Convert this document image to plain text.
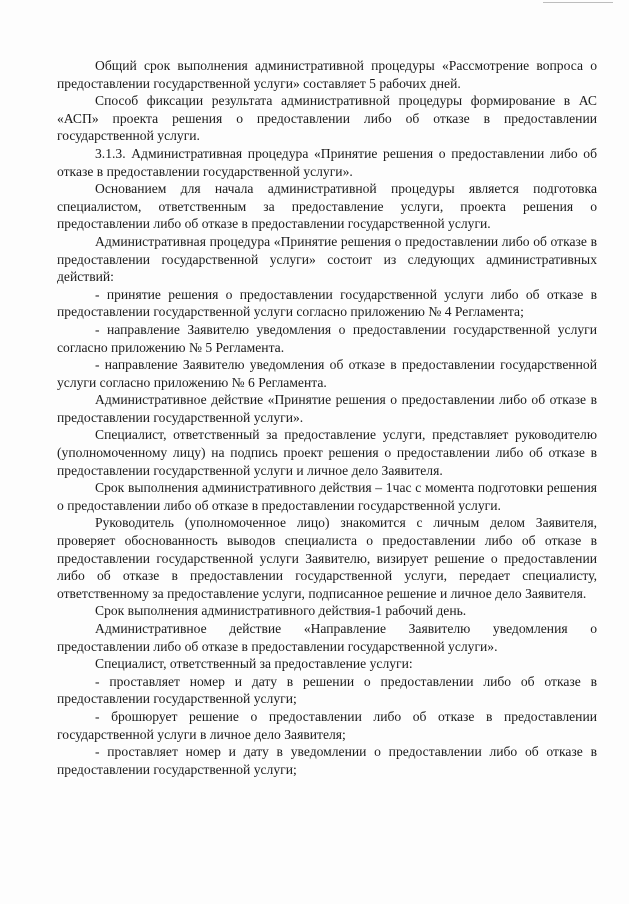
Общий срок выполнения административной процедуры «Рассмотрение вопроса о предоставлении государственной услуги» составляет 5 рабочих дней.

Способ фиксации результата административной процедуры формирование в АС «АСП» проекта решения о предоставлении либо об отказе в предоставлении государственной услуги.

3.1.3. Административная процедура «Принятие решения о предоставлении либо об отказе в предоставлении государственной услуги».

Основанием для начала административной процедуры является подготовка специалистом, ответственным за предоставление услуги, проекта решения о предоставлении либо об отказе в предоставлении государственной услуги.

Административная процедура «Принятие решения о предоставлении либо об отказе в предоставлении государственной услуги» состоит из следующих административных действий:

- принятие решения о предоставлении государственной услуги либо об отказе в предоставлении государственной услуги согласно приложению № 4 Регламента;

- направление Заявителю уведомления о предоставлении государственной услуги согласно приложению № 5 Регламента.

- направление Заявителю уведомления об отказе в предоставлении государственной услуги согласно приложению № 6 Регламента.

Административное действие «Принятие решения о предоставлении либо об отказе в предоставлении государственной услуги».

Специалист, ответственный за предоставление услуги, представляет руководителю (уполномоченному лицу) на подпись проект решения о предоставлении либо об отказе в предоставлении государственной услуги и личное дело Заявителя.

Срок выполнения административного действия – 1час с момента подготовки решения о предоставлении либо об отказе в предоставлении государственной услуги.

Руководитель (уполномоченное лицо) знакомится с личным делом Заявителя, проверяет обоснованность выводов специалиста о предоставлении либо об отказе в предоставлении государственной услуги Заявителю, визирует решение о предоставлении либо об отказе в предоставлении государственной услуги, передает специалисту, ответственному за предоставление услуги, подписанное решение и личное дело Заявителя.

Срок выполнения административного действия-1 рабочий день.

Административное действие «Направление Заявителю уведомления о предоставлении либо об отказе в предоставлении государственной услуги».

Специалист, ответственный за предоставление услуги:

- проставляет номер и дату в решении о предоставлении либо об отказе в предоставлении государственной услуги;

- брошюрует решение о предоставлении либо об отказе в предоставлении государственной услуги в личное дело Заявителя;

- проставляет номер и дату в уведомлении о предоставлении либо об отказе в предоставлении государственной услуги;
